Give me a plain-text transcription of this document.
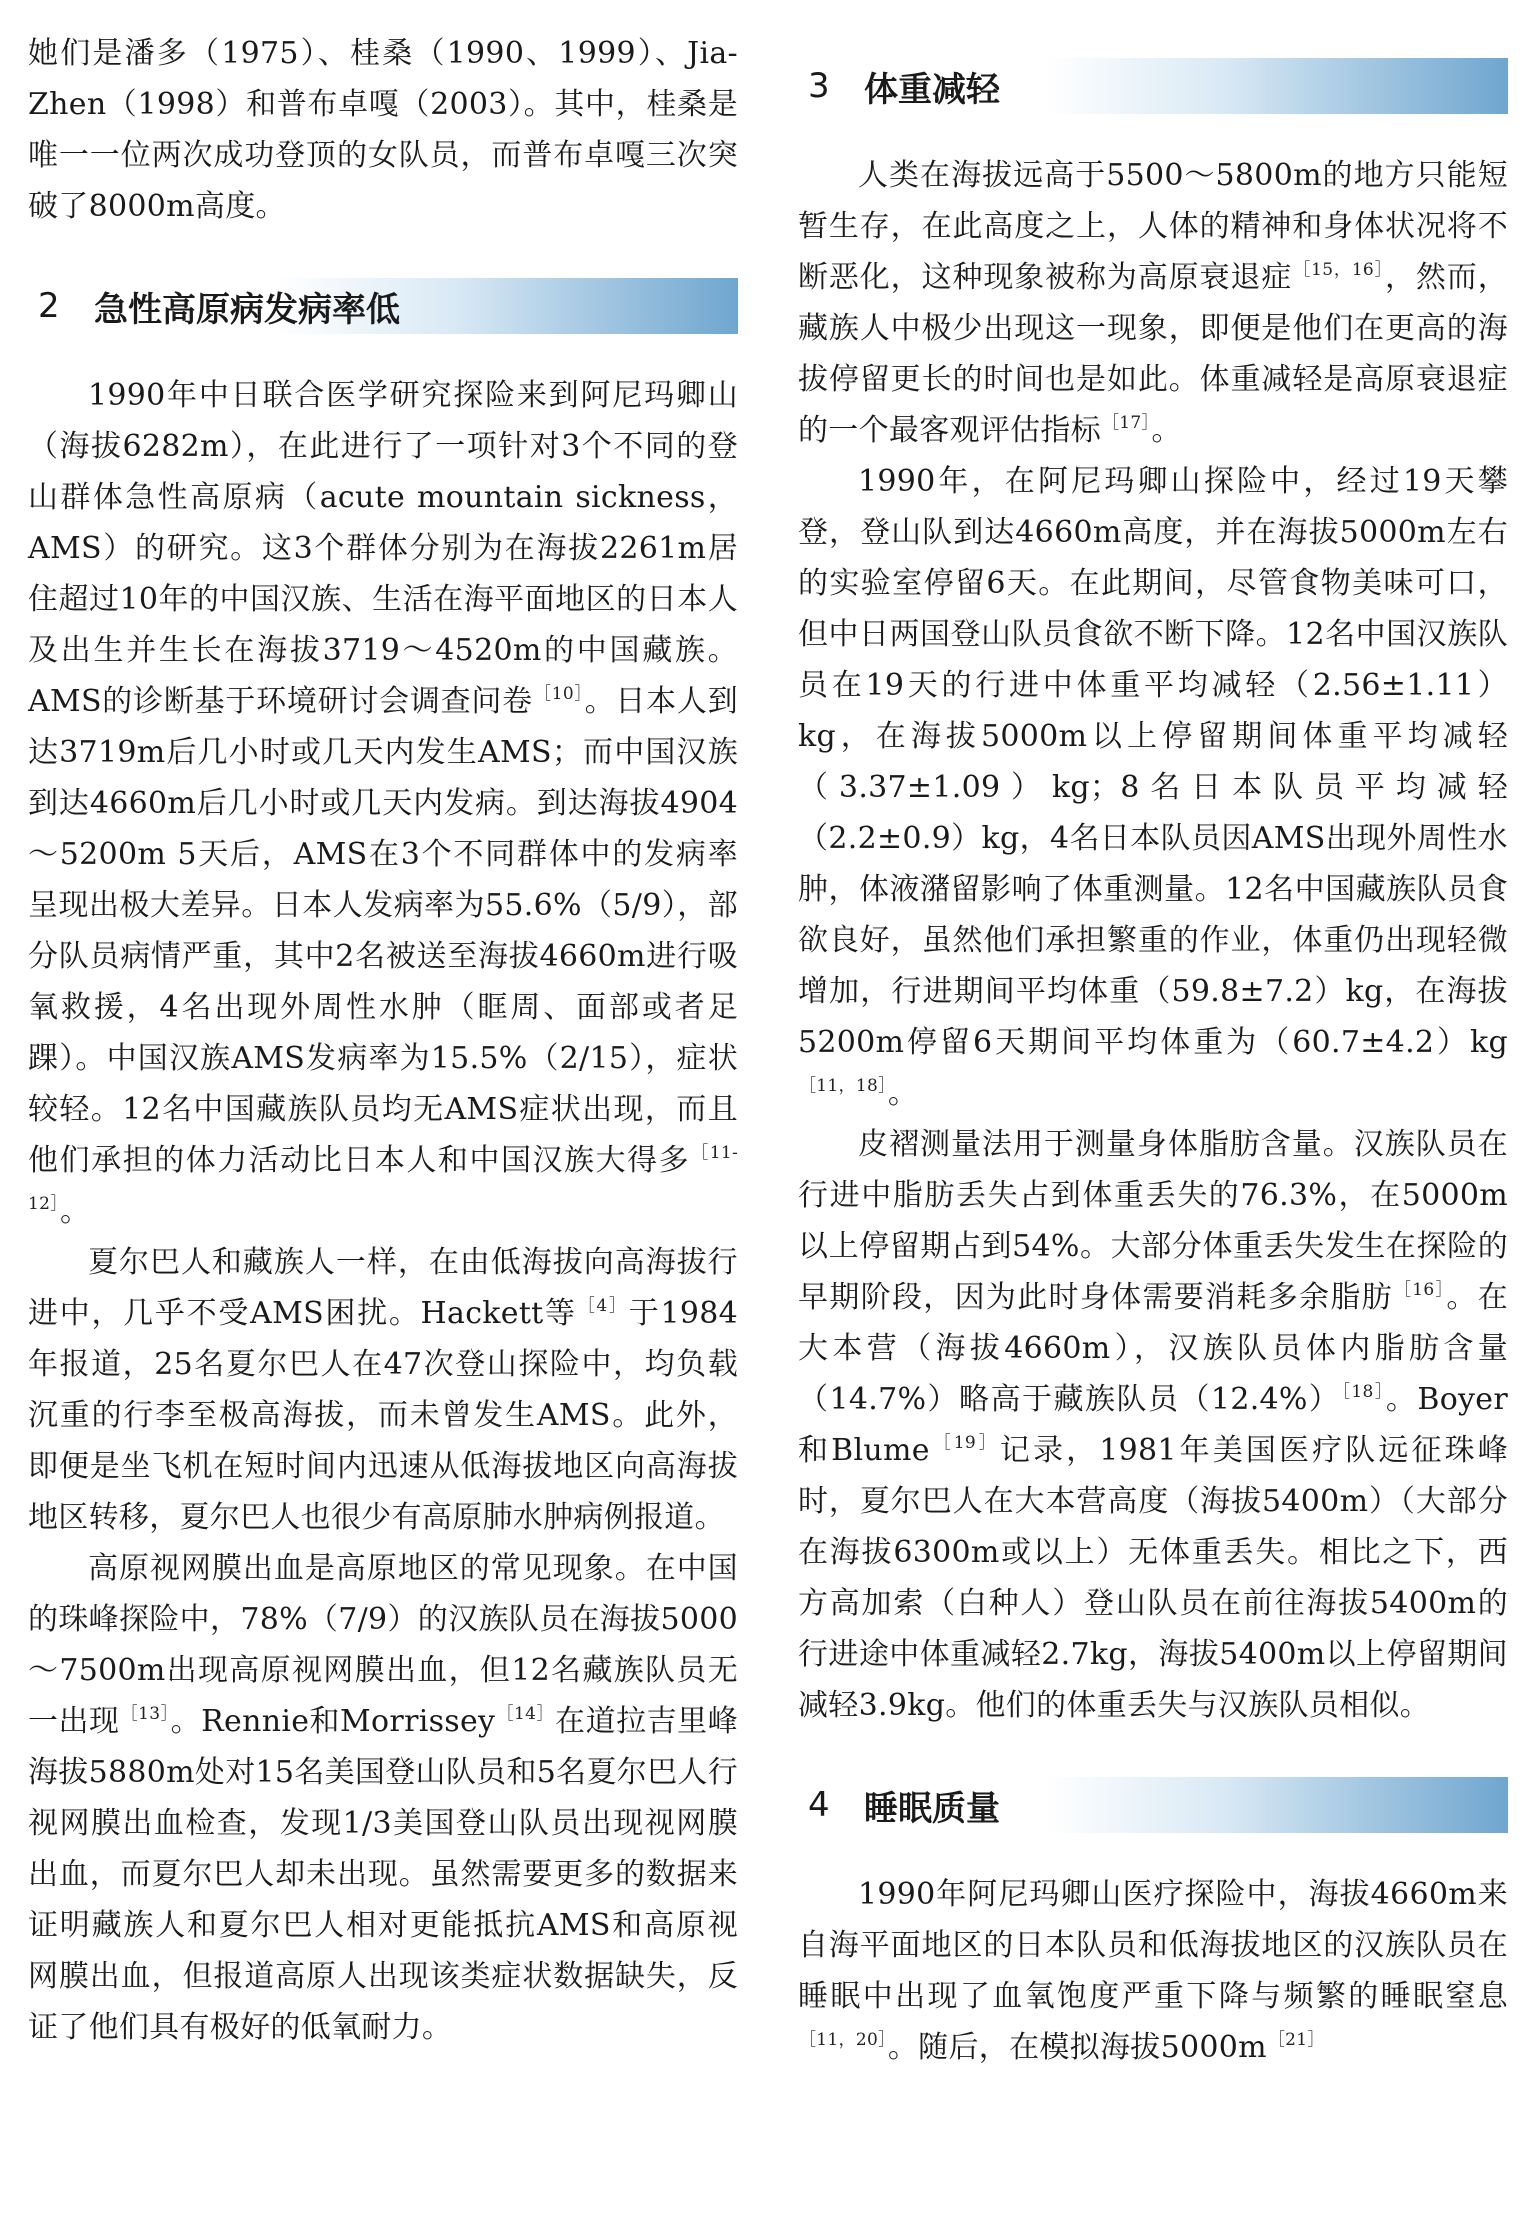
她们是潘多（1975）、桂桑（1990、1999）、Jia-Zhen（1998）和普布卓嘎（2003）。其中，桂桑是唯一一位两次成功登顶的女队员，而普布卓嘎三次突破了8000m高度。

2	急性高原病发病率低

1990年中日联合医学研究探险来到阿尼玛卿山（海拔6282m），在此进行了一项针对3个不同的登山群体急性高原病（acute mountain sickness，AMS）的研究。这3个群体分别为在海拔2261m居住超过10年的中国汉族、生活在海平面地区的日本人及出生并生长在海拔3719～4520m的中国藏族。AMS的诊断基于环境研讨会调查问卷$^{[10]}$。日本人到达3719m后几小时或几天内发生AMS；而中国汉族到达4660m后几小时或几天内发病。到达海拔4904～5200m 5天后，AMS在3个不同群体中的发病率呈现出极大差异。日本人发病率为55.6%（5/9），部分队员病情严重，其中2名被送至海拔4660m进行吸氧救援，4名出现外周性水肿（眶周、面部或者足踝）。中国汉族AMS发病率为15.5%（2/15），症状较轻。12名中国藏族队员均无AMS症状出现，而且他们承担的体力活动比日本人和中国汉族大得多$^{[11-12]}$。

夏尔巴人和藏族人一样，在由低海拔向高海拔行进中，几乎不受AMS困扰。Hackett等$^{[4]}$于1984年报道，25名夏尔巴人在47次登山探险中，均负载沉重的行李至极高海拔，而未曾发生AMS。此外，即便是坐飞机在短时间内迅速从低海拔地区向高海拔地区转移，夏尔巴人也很少有高原肺水肿病例报道。

高原视网膜出血是高原地区的常见现象。在中国的珠峰探险中，78%（7/9）的汉族队员在海拔5000～7500m出现高原视网膜出血，但12名藏族队员无一出现$^{[13]}$。Rennie和Morrissey$^{[14]}$在道拉吉里峰海拔5880m处对15名美国登山队员和5名夏尔巴人行视网膜出血检查，发现1/3美国登山队员出现视网膜出血，而夏尔巴人却未出现。虽然需要更多的数据来证明藏族人和夏尔巴人相对更能抵抗AMS和高原视网膜出血，但报道高原人出现该类症状数据缺失，反证了他们具有极好的低氧耐力。

3	体重减轻

人类在海拔远高于5500～5800m的地方只能短暂生存，在此高度之上，人体的精神和身体状况将不断恶化，这种现象被称为高原衰退症$^{[15,16]}$，然而，藏族人中极少出现这一现象，即便是他们在更高的海拔停留更长的时间也是如此。体重减轻是高原衰退症的一个最客观评估指标$^{[17]}$。

1990年，在阿尼玛卿山探险中，经过19天攀登，登山队到达4660m高度，并在海拔5000m左右的实验室停留6天。在此期间，尽管食物美味可口，但中日两国登山队员食欲不断下降。12名中国汉族队员在19天的行进中体重平均减轻（2.56±1.11）kg，在海拔5000m以上停留期间体重平均减轻（3.37±1.09）kg；8名日本队员平均减轻（2.2±0.9）kg，4名日本队员因AMS出现外周性水肿，体液潴留影响了体重测量。12名中国藏族队员食欲良好，虽然他们承担繁重的作业，体重仍出现轻微增加，行进期间平均体重（59.8±7.2）kg，在海拔5200m停留6天期间平均体重为（60.7±4.2）kg$^{[11,18]}$。

皮褶测量法用于测量身体脂肪含量。汉族队员在行进中脂肪丢失占到体重丢失的76.3%，在5000m以上停留期占到54%。大部分体重丢失发生在探险的早期阶段，因为此时身体需要消耗多余脂肪$^{[16]}$。在大本营（海拔4660m），汉族队员体内脂肪含量（14.7%）略高于藏族队员（12.4%）$^{[18]}$。Boyer和Blume$^{[19]}$记录，1981年美国医疗队远征珠峰时，夏尔巴人在大本营高度（海拔5400m）（大部分在海拔6300m或以上）无体重丢失。相比之下，西方高加索（白种人）登山队员在前往海拔5400m的行进途中体重减轻2.7kg，海拔5400m以上停留期间减轻3.9kg。他们的体重丢失与汉族队员相似。

4	睡眠质量

1990年阿尼玛卿山医疗探险中，海拔4660m来自海平面地区的日本队员和低海拔地区的汉族队员在睡眠中出现了血氧饱度严重下降与频繁的睡眠窒息$^{[11,20]}$。随后，在模拟海拔5000m$^{[21]}$
